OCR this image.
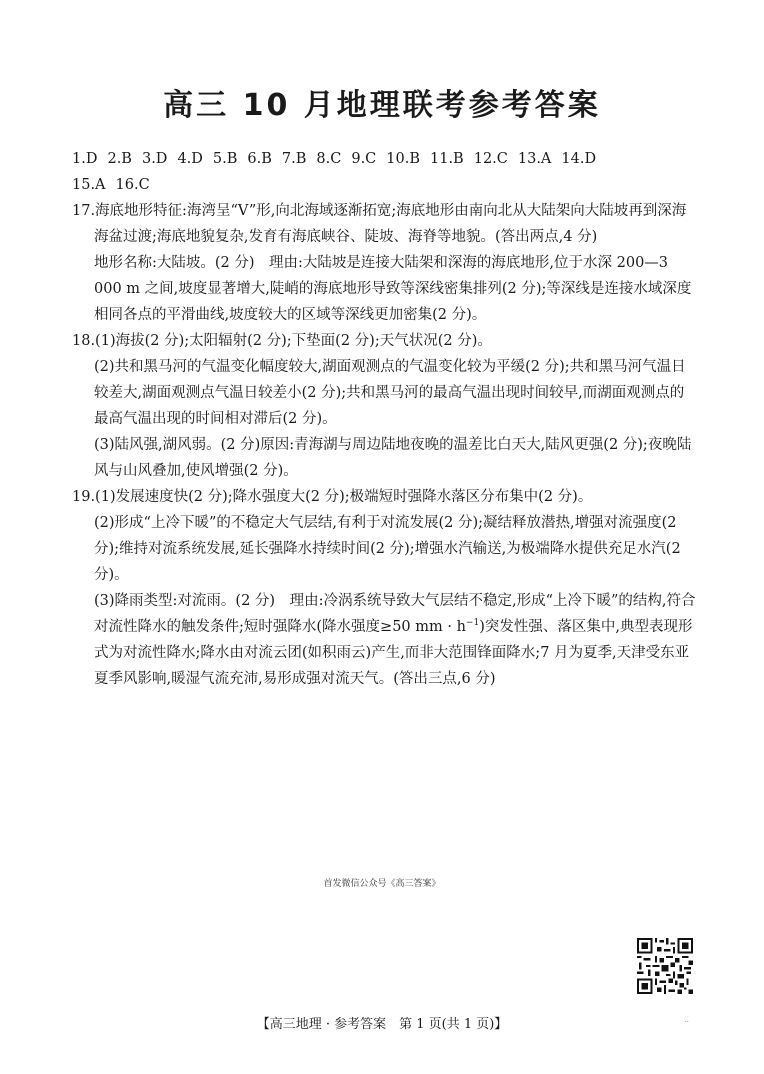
高三 10 月地理联考参考答案

1.D 2.B 3.D 4.D 5.B 6.B 7.B 8.C 9.C 10.B 11.B 12.C 13.A 14.D

15.A 16.C

17.海底地形特征:海湾呈“V”形,向北海域逐渐拓宽;海底地形由南向北从大陆架向大陆坡再到深海海盆过渡;海底地貌复杂,发育有海底峡谷、陡坡、海脊等地貌。(答出两点,4 分)

地形名称:大陆坡。(2 分)　理由:大陆坡是连接大陆架和深海的海底地形,位于水深 200—3 000 m 之间,坡度显著增大,陡峭的海底地形导致等深线密集排列(2 分);等深线是连接水域深度相同各点的平滑曲线,坡度较大的区域等深线更加密集(2 分)。

18.(1)海拔(2 分);太阳辐射(2 分);下垫面(2 分);天气状况(2 分)。

(2)共和黑马河的气温变化幅度较大,湖面观测点的气温变化较为平缓(2 分);共和黑马河气温日较差大,湖面观测点气温日较差小(2 分);共和黑马河的最高气温出现时间较早,而湖面观测点的最高气温出现的时间相对滞后(2 分)。

(3)陆风强,湖风弱。(2 分)原因:青海湖与周边陆地夜晚的温差比白天大,陆风更强(2 分);夜晚陆风与山风叠加,使风增强(2 分)。

19.(1)发展速度快(2 分);降水强度大(2 分);极端短时强降水落区分布集中(2 分)。

(2)形成“上冷下暖”的不稳定大气层结,有利于对流发展(2 分);凝结释放潜热,增强对流强度(2 分);维持对流系统发展,延长强降水持续时间(2 分);增强水汽输送,为极端降水提供充足水汽(2 分)。

(3)降雨类型:对流雨。(2 分)　理由:冷涡系统导致大气层结不稳定,形成“上冷下暖”的结构,符合对流性降水的触发条件;短时强降水(降水强度≥50 mm · $h^{-1}$)突发性强、落区集中,典型表现形式为对流性降水;降水由对流云团(如积雨云)产生,而非大范围锋面降水;7 月为夏季,天津受东亚夏季风影响,暖湿气流充沛,易形成强对流天气。(答出三点,6 分)

首发微信公众号《高三答案》
【高三地理 · 参考答案　第 1 页(共 1 页)】	..
